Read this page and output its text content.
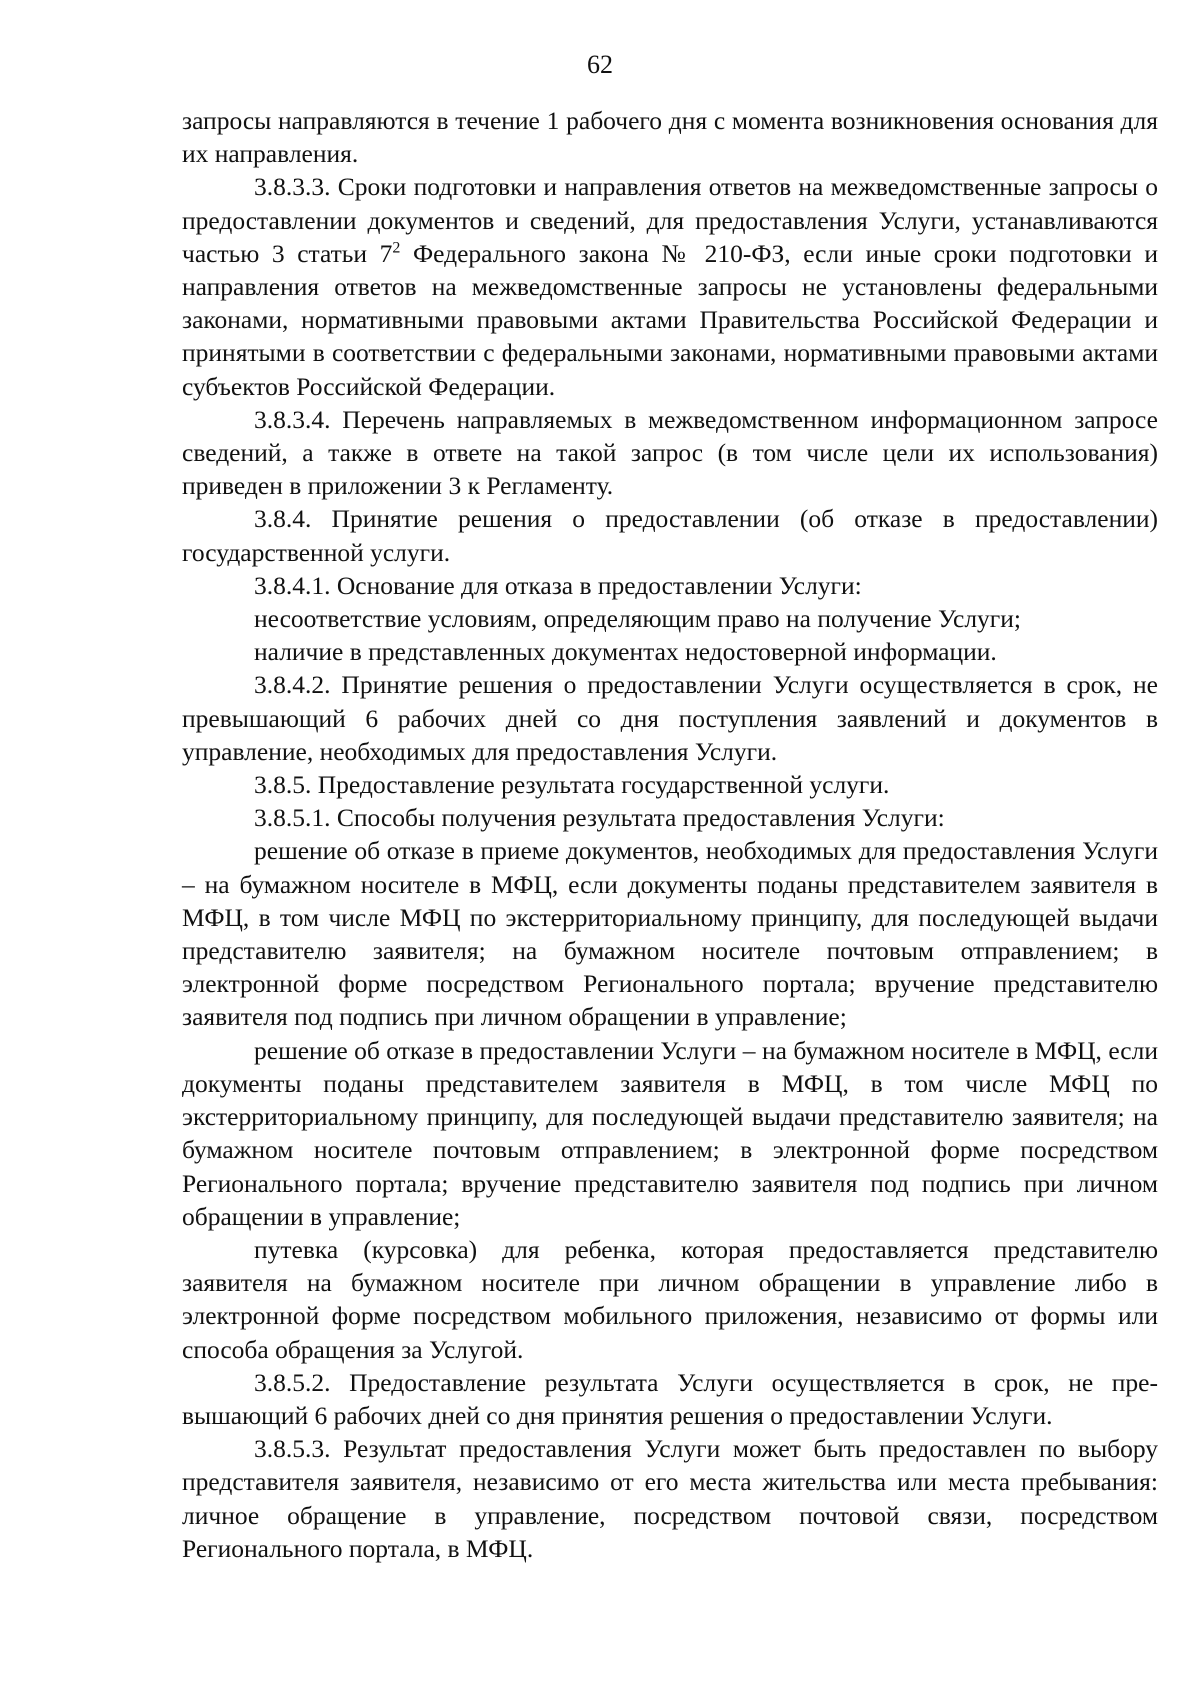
62

запросы направляются в течение 1 рабочего дня с момента возникновения основания для их направления.

3.8.3.3. Сроки подготовки и направления ответов на межведомственные запросы о предоставлении документов и сведений, для предоставления Услуги, устанавливаются частью 3 статьи $7^2$ Федерального закона № 210-ФЗ, если иные сроки подготовки и направления ответов на межведомственные запросы не установлены федеральными законами, нормативными правовыми актами Правительства Российской Федерации и принятыми в соответствии с федеральными законами, нормативными правовыми актами субъектов Российской Федерации.

3.8.3.4. Перечень направляемых в межведомственном информационном запросе сведений, а также в ответе на такой запрос (в том числе цели их использования) приведен в приложении 3 к Регламенту.

3.8.4. Принятие решения о предоставлении (об отказе в предоставлении) государственной услуги.

3.8.4.1. Основание для отказа в предоставлении Услуги:

несоответствие условиям, определяющим право на получение Услуги;

наличие в представленных документах недостоверной информации.

3.8.4.2. Принятие решения о предоставлении Услуги осуществляется в срок, не превышающий 6 рабочих дней со дня поступления заявлений и документов в управление, необходимых для предоставления Услуги.

3.8.5. Предоставление результата государственной услуги.

3.8.5.1. Способы получения результата предоставления Услуги:

решение об отказе в приеме документов, необходимых для предоставления Услуги – на бумажном носителе в МФЦ, если документы поданы представителем заявителя в МФЦ, в том числе МФЦ по экстерриториальному принципу, для последующей выдачи представителю заявителя; на бумажном носителе почтовым отправлением; в электронной форме посредством Регионального портала; вручение представителю заявителя под подпись при личном обращении в управление;

решение об отказе в предоставлении Услуги – на бумажном носителе в МФЦ, если документы поданы представителем заявителя в МФЦ, в том числе МФЦ по экстерриториальному принципу, для последующей выдачи представителю заявителя; на бумажном носителе почтовым отправлением; в электронной форме посредством Регионального портала; вручение представителю заявителя под подпись при личном обращении в управление;

путевка (курсовка) для ребенка, которая предоставляется представителю заявителя на бумажном носителе при личном обращении в управление либо в электронной форме посредством мобильного приложения, независимо от формы или способа обращения за Услугой.

3.8.5.2. Предоставление результата Услуги осуществляется в срок, не превышающий 6 рабочих дней со дня принятия решения о предоставлении Услуги.

3.8.5.3. Результат предоставления Услуги может быть предоставлен по выбору представителя заявителя, независимо от его места жительства или места пребывания: личное обращение в управление, посредством почтовой связи, посредством Регионального портала, в МФЦ.
